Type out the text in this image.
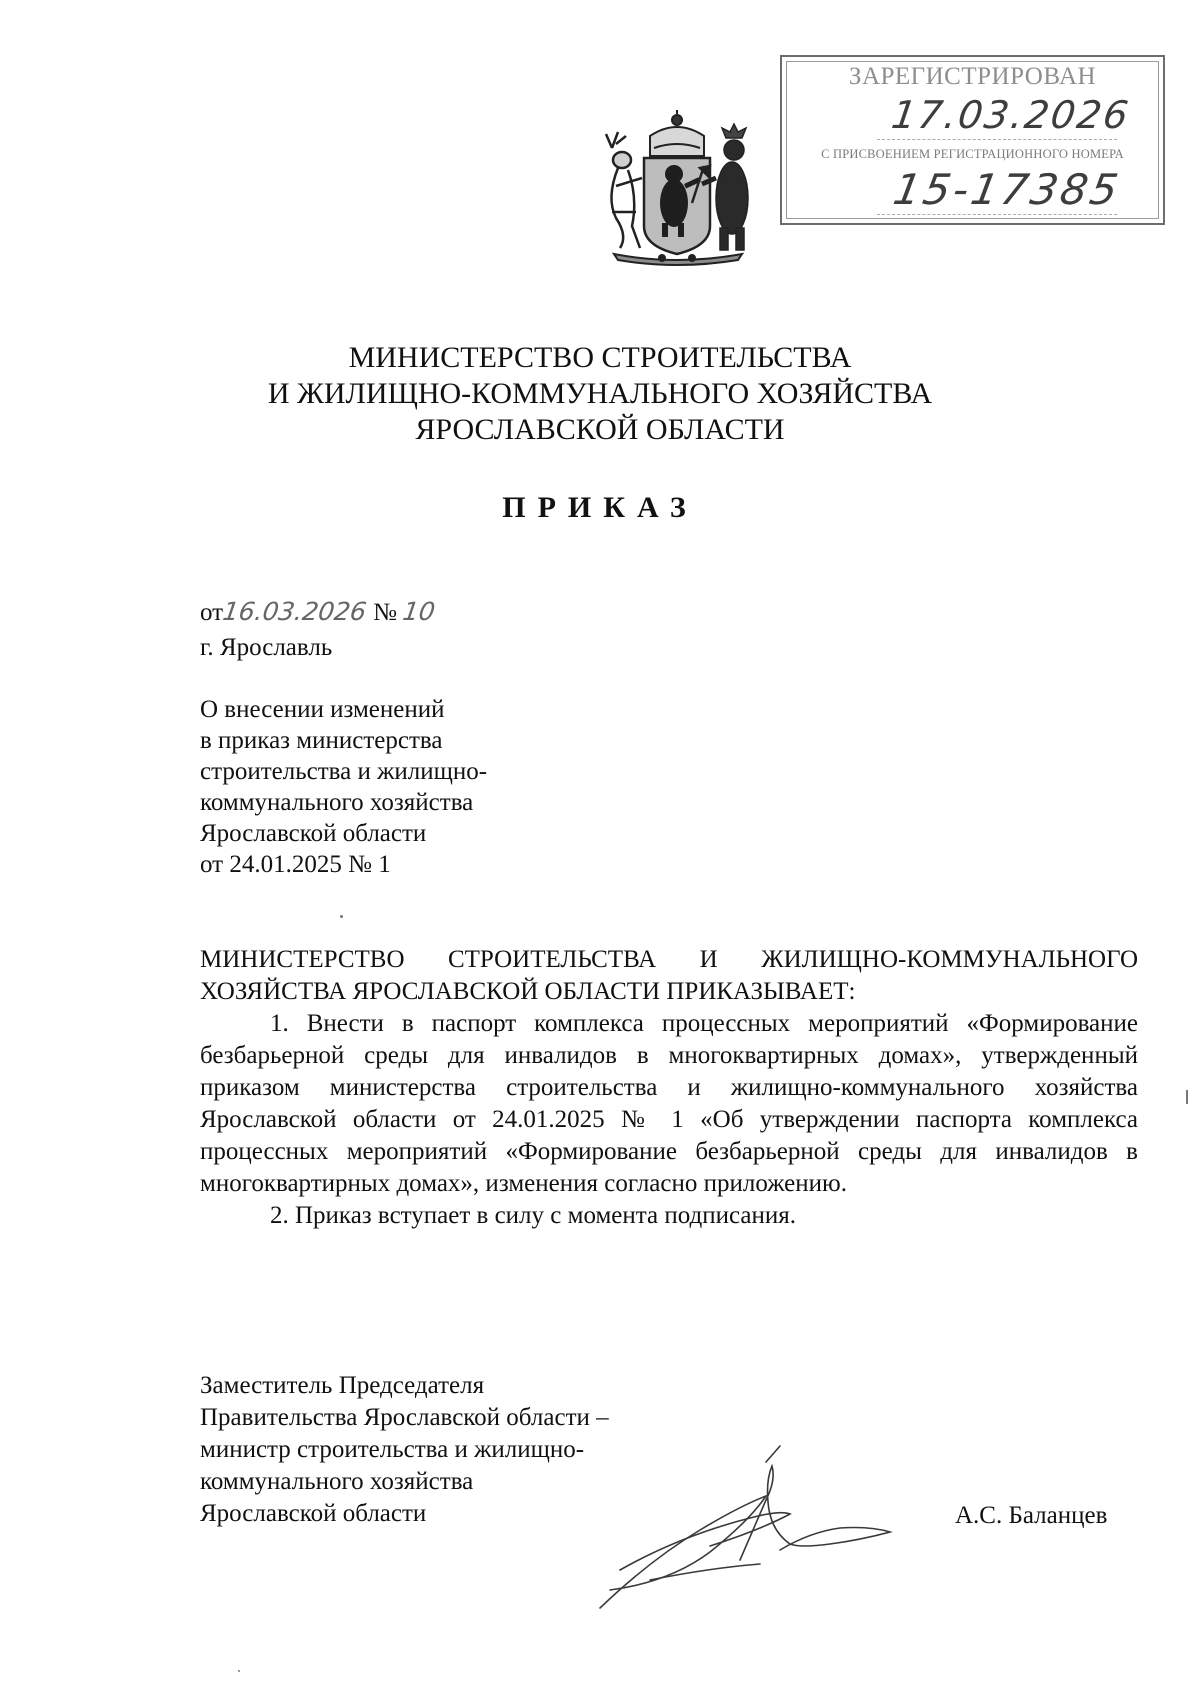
ЗАРЕГИСТРИРОВАН
17.03.2026
С ПРИСВОЕНИЕМ РЕГИСТРАЦИОННОГО НОМЕРА
15-17385
МИНИСТЕРСТВО СТРОИТЕЛЬСТВА
И ЖИЛИЩНО-КОММУНАЛЬНОГО ХОЗЯЙСТВА
ЯРОСЛАВСКОЙ ОБЛАСТИ
ПРИКАЗ
от16.03.2026 № 10
г. Ярославль
О внесении изменений
в приказ министерства
строительства и жилищно-
коммунального хозяйства
Ярославской области
от 24.01.2025 № 1

МИНИСТЕРСТВО СТРОИТЕЛЬСТВА И ЖИЛИЩНО-КОММУНАЛЬНОГО ХОЗЯЙСТВА ЯРОСЛАВСКОЙ ОБЛАСТИ ПРИКАЗЫВАЕТ:

1. Внести в паспорт комплекса процессных мероприятий «Формирование безбарьерной среды для инвалидов в многоквартирных домах», утвержденный приказом министерства строительства и жилищно-коммунального хозяйства Ярославской области от 24.01.2025 № 1 «Об утверждении паспорта комплекса процессных мероприятий «Формирование безбарьерной среды для инвалидов в многоквартирных домах», изменения согласно приложению.

2. Приказ вступает в силу с момента подписания.

Заместитель Председателя
Правительства Ярославской области –
министр строительства и жилищно-
коммунального хозяйства
Ярославской области	А.С. Баланцев
